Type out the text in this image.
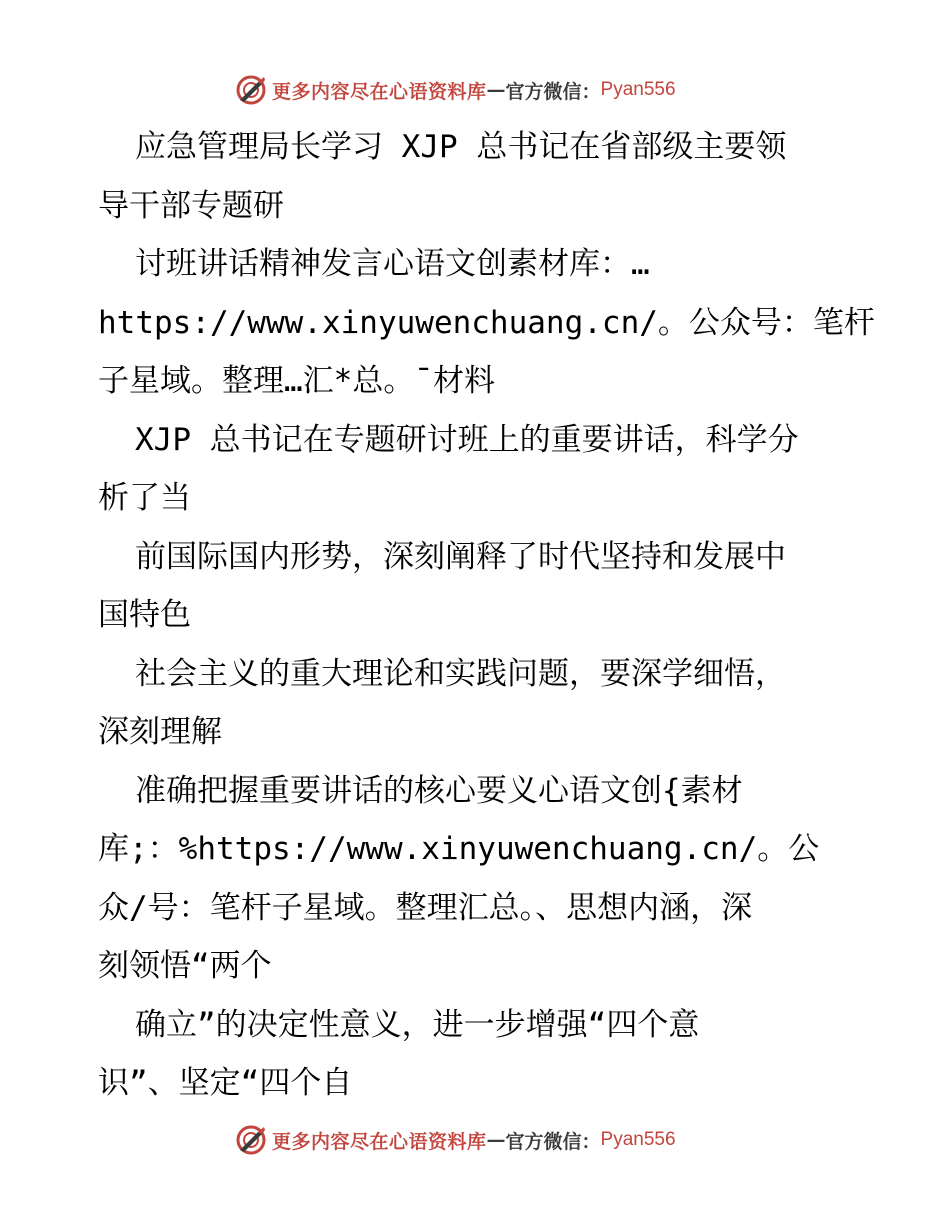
更多内容尽在心语资料库 — 官方微信： Pyan556
应急管理局长学习 XJP 总书记在省部级主要领
导干部专题研
讨班讲话精神发言心语文创素材库：…
https://www.xinyuwenchuang.cn/。公众号：笔杆
子星域。整理…汇*总。¯材料
XJP 总书记在专题研讨班上的重要讲话，科学分
析了当
前国际国内形势，深刻阐释了时代坚持和发展中
国特色
社会主义的重大理论和实践问题，要深学细悟，
深刻理解
准确把握重要讲话的核心要义心语文创{素材
库;：%https://www.xinyuwenchuang.cn/。公
众/号：笔杆子星域。整理汇总。、思想内涵，深
刻领悟“两个
确立”的决定性意义，进一步增强“四个意
识”、坚定“四个自
更多内容尽在心语资料库 — 官方微信： Pyan556
